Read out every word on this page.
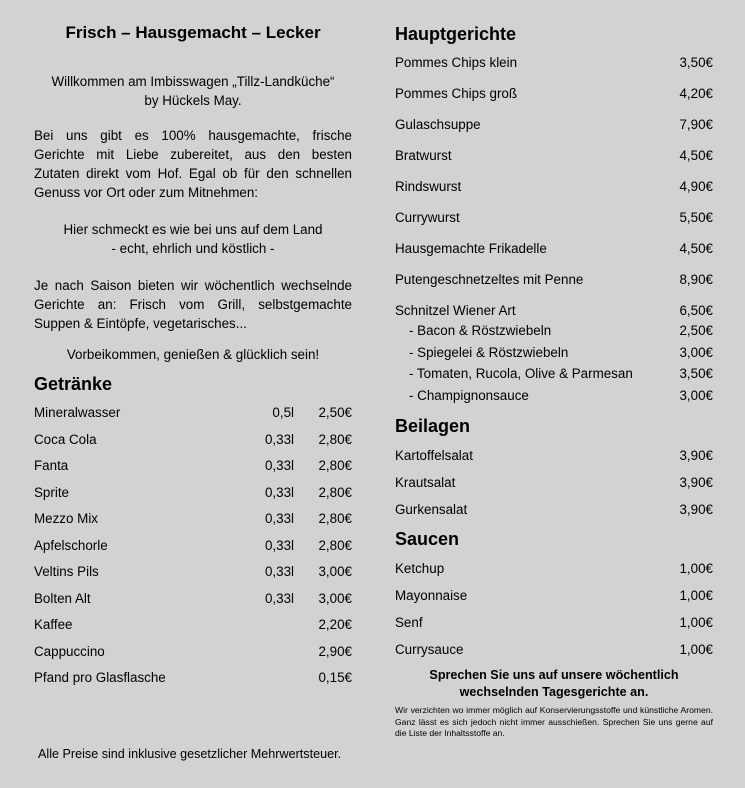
Frisch – Hausgemacht – Lecker
Willkommen am Imbisswagen „Tillz-Landküche“
by Hückels May.
Bei uns gibt es 100% hausgemachte, frische Gerichte mit Liebe zubereitet, aus den besten Zutaten direkt vom Hof. Egal ob für den schnellen Genuss vor Ort oder zum Mitnehmen:
Hier schmeckt es wie bei uns auf dem Land
- echt, ehrlich und köstlich -
Je nach Saison bieten wir wöchentlich wechselnde Gerichte an: Frisch vom Grill, selbstgemachte Suppen & Eintöpfe, vegetarisches...
Vorbeikommen, genießen & glücklich sein!
Getränke
Mineralwasser	0,5l	2,50€
Coca Cola	0,33l	2,80€
Fanta	0,33l	2,80€
Sprite	0,33l	2,80€
Mezzo Mix	0,33l	2,80€
Apfelschorle	0,33l	2,80€
Veltins Pils	0,33l	3,00€
Bolten Alt	0,33l	3,00€
Kaffee	2,20€
Cappuccino	2,90€
Pfand pro Glasflasche	0,15€
Alle Preise sind inklusive gesetzlicher Mehrwertsteuer.
Hauptgerichte
Pommes Chips klein	3,50€
Pommes Chips groß	4,20€
Gulaschsuppe	7,90€
Bratwurst	4,50€
Rindswurst	4,90€
Currywurst	5,50€
Hausgemachte Frikadelle	4,50€
Putengeschnetzeltes mit Penne	8,90€
Schnitzel Wiener Art	6,50€
- Bacon & Röstzwiebeln	2,50€
- Spiegelei & Röstzwiebeln	3,00€
- Tomaten, Rucola, Olive & Parmesan	3,50€
- Champignonsauce	3,00€
Beilagen
Kartoffelsalat	3,90€
Krautsalat	3,90€
Gurkensalat	3,90€
Saucen
Ketchup	1,00€
Mayonnaise	1,00€
Senf	1,00€
Currysauce	1,00€
Sprechen Sie uns auf unsere wöchentlich wechselnden Tagesgerichte an.
Wir verzichten wo immer möglich auf Konservierungsstoffe und künstliche Aromen. Ganz lässt es sich jedoch nicht immer ausschießen. Sprechen Sie uns gerne auf die Liste der Inhaltsstoffe an.
